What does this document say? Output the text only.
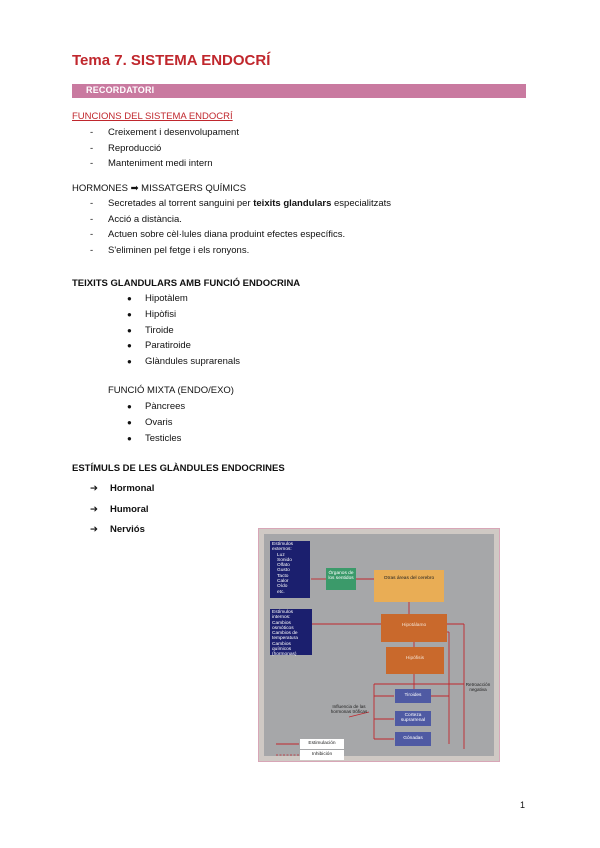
Tema 7. SISTEMA ENDOCRÍ
RECORDATORI
FUNCIONS DEL SISTEMA ENDOCRÍ
- Creixement i desenvolupament
- Reproducció
- Manteniment medi intern
HORMONES ➡ MISSATGERS QUÍMICS
- Secretades al torrent sanguini per teixits glandulars especialitzats
- Acció a distància.
- Actuen sobre cèl·lules diana produint efectes específics.
- S'eliminen pel fetge i els ronyons.
TEIXITS GLANDULARS AMB FUNCIÓ ENDOCRINA
● Hipotàlem
● Hipòfisi
● Tiroide
● Paratiroide
● Glàndules suprarenals
FUNCIÓ MIXTA (ENDO/EXO)
● Pàncrees
● Ovaris
● Testicles
ESTÍMULS DE LES GLÀNDULES ENDOCRINES
➔ Hormonal
➔ Humoral
➔ Nerviós
Estímulos externos:
Luz
Sonido
Olfato
Gusto
Tacto
Calor
Oído
etc.
Órganos de los sentidos	Otras áreas del cerebro
Estímulos internos:
Cambios osmóticos
Cambios de temperatura
Cambios químicos (hormonas)
Hipotálamo
Hipófisis
Retroacción negativa
Tiroides
Corteza suprarrenal
Gónadas
Influencia de las hormonas tróficas
Estimulación
Inhibición
1
